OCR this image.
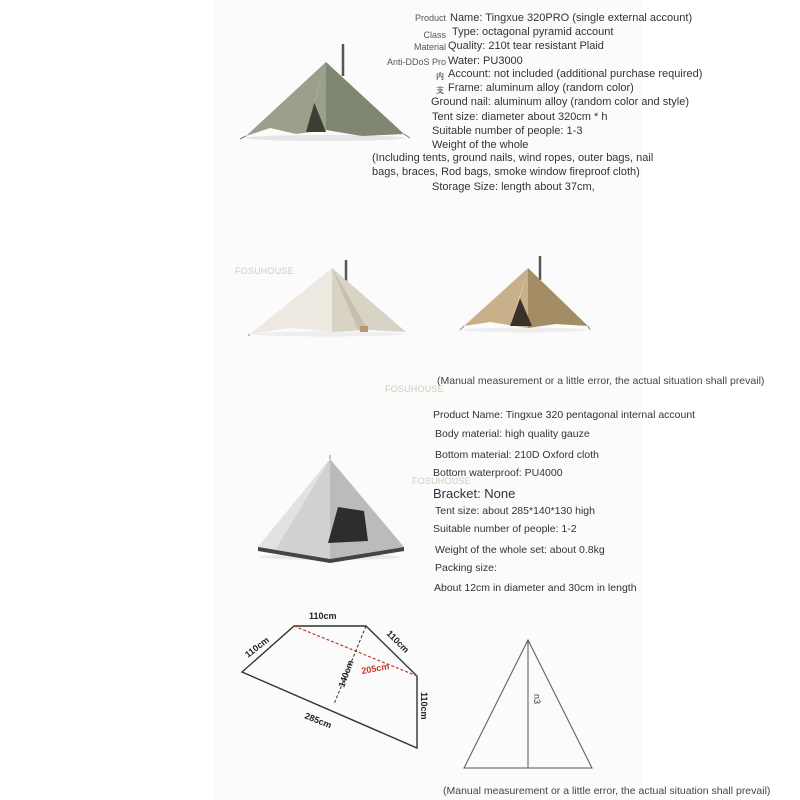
Product
Class
Material
Anti-DDoS Pro
内
支
Name: Tingxue 320PRO (single external account)
Type: octagonal pyramid account
Quality: 210t tear resistant Plaid
Water: PU3000
Account: not included (additional purchase required)
Frame: aluminum alloy (random color)
Ground nail: aluminum alloy (random color and style)
Tent size: diameter about 320cm * h
Suitable number of people: 1-3
Weight of the whole
(Including tents, ground nails, wind ropes, outer bags, nail
bags, braces, Rod bags, smoke window fireproof cloth)
Storage Size: length about 37cm,
FOSUHOUSE
(Manual measurement or a little error, the actual situation shall prevail)
FOSUHOUSE
FOSUHOUSE
Product Name: Tingxue 320 pentagonal internal account
Body material: high quality gauze
Bottom material: 210D Oxford cloth
Bottom waterproof: PU4000
Bracket: None
Tent size: about 285*140*130 high
Suitable number of people: 1-2
Weight of the whole set: about 0.8kg
Packing size:
About 12cm in diameter and 30cm in length
110cm
110cm	110cm
110cm
205cm
140cm
285cm
n3
(Manual measurement or a little error, the actual situation shall prevail)
